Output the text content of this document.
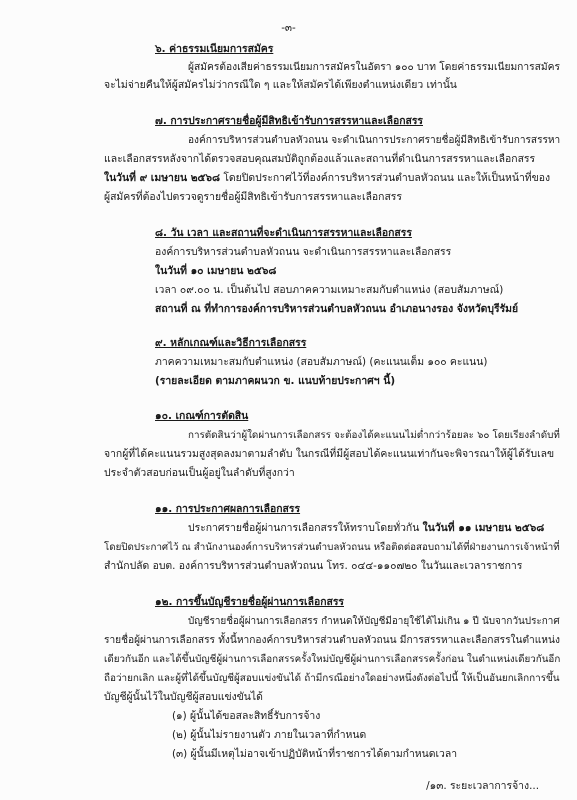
-๓-
๖. ค่าธรรมเนียมการสมัคร
ผู้สมัครต้องเสียค่าธรรมเนียมการสมัครในอัตรา ๑๐๐ บาท โดยค่าธรรมเนียมการสมัคร
จะไม่จ่ายคืนให้ผู้สมัครไม่ว่ากรณีใด ๆ และให้สมัครได้เพียงตำแหน่งเดียว เท่านั้น
๗. การประกาศรายชื่อผู้มีสิทธิเข้ารับการสรรหาและเลือกสรร
องค์การบริหารส่วนตำบลหัวถนน จะดำเนินการประกาศรายชื่อผู้มีสิทธิเข้ารับการสรรหา
และเลือกสรรหลังจากได้ตรวจสอบคุณสมบัติถูกต้องแล้วและสถานที่ดำเนินการสรรหาและเลือกสรร
ในวันที่ ๙ เมษายน ๒๕๖๘ โดยปิดประกาศไว้ที่องค์การบริหารส่วนตำบลหัวถนน และให้เป็นหน้าที่ของ
ผู้สมัครที่ต้องไปตรวจดูรายชื่อผู้มีสิทธิเข้ารับการสรรหาและเลือกสรร
๘. วัน เวลา และสถานที่จะดำเนินการสรรหาและเลือกสรร
องค์การบริหารส่วนตำบลหัวถนน จะดำเนินการสรรหาและเลือกสรร
ในวันที่ ๑๐ เมษายน ๒๕๖๘
เวลา ๐๙.๐๐ น. เป็นต้นไป สอบภาคความเหมาะสมกับตำแหน่ง (สอบสัมภาษณ์)
สถานที่ ณ ที่ทำการองค์การบริหารส่วนตำบลหัวถนน อำเภอนางรอง จังหวัดบุรีรัมย์
๙. หลักเกณฑ์และวิธีการเลือกสรร
ภาคความเหมาะสมกับตำแหน่ง (สอบสัมภาษณ์) (คะแนนเต็ม ๑๐๐ คะแนน)
(รายละเอียด ตามภาคผนวก ข. แนบท้ายประกาศฯ นี้)
๑๐. เกณฑ์การตัดสิน
การตัดสินว่าผู้ใดผ่านการเลือกสรร จะต้องได้คะแนนไม่ต่ำกว่าร้อยละ ๖๐ โดยเรียงลำดับที่
จากผู้ที่ได้คะแนนรวมสูงสุดลงมาตามลำดับ ในกรณีที่มีผู้สอบได้คะแนนเท่ากันจะพิจารณาให้ผู้ได้รับเลข
ประจำตัวสอบก่อนเป็นผู้อยู่ในลำดับที่สูงกว่า
๑๑. การประกาศผลการเลือกสรร
ประกาศรายชื่อผู้ผ่านการเลือกสรรให้ทราบโดยทั่วกัน ในวันที่ ๑๑ เมษายน ๒๕๖๘
โดยปิดประกาศไว้ ณ สำนักงานองค์การบริหารส่วนตำบลหัวถนน หรือติดต่อสอบถามได้ที่ฝ่ายงานการเจ้าหน้าที่
สำนักปลัด อบต. องค์การบริหารส่วนตำบลหัวถนน โทร. ๐๔๔-๑๑๐๗๒๐ ในวันและเวลาราชการ
๑๒. การขึ้นบัญชีรายชื่อผู้ผ่านการเลือกสรร
บัญชีรายชื่อผู้ผ่านการเลือกสรร กำหนดให้บัญชีมีอายุใช้ได้ไม่เกิน ๑ ปี นับจากวันประกาศ
รายชื่อผู้ผ่านการเลือกสรร ทั้งนี้หากองค์การบริหารส่วนตำบลหัวถนน มีการสรรหาและเลือกสรรในตำแหน่ง
เดียวกันอีก และได้ขึ้นบัญชีผู้ผ่านการเลือกสรรครั้งใหม่บัญชีผู้ผ่านการเลือกสรรครั้งก่อน ในตำแหน่งเดียวกันอีก
ถือว่ายกเลิก และผู้ที่ได้ขึ้นบัญชีผู้สอบแข่งขันได้ ถ้ามีกรณีอย่างใดอย่างหนึ่งดังต่อไปนี้ ให้เป็นอันยกเลิกการขึ้น
บัญชีผู้นั้นไว้ในบัญชีผู้สอบแข่งขันได้
(๑) ผู้นั้นได้ขอสละสิทธิ์รับการจ้าง
(๒) ผู้นั้นไม่รายงานตัว ภายในเวลาที่กำหนด
(๓) ผู้นั้นมีเหตุไม่อาจเข้าปฏิบัติหน้าที่ราชการได้ตามกำหนดเวลา
/๑๓. ระยะเวลาการจ้าง...
